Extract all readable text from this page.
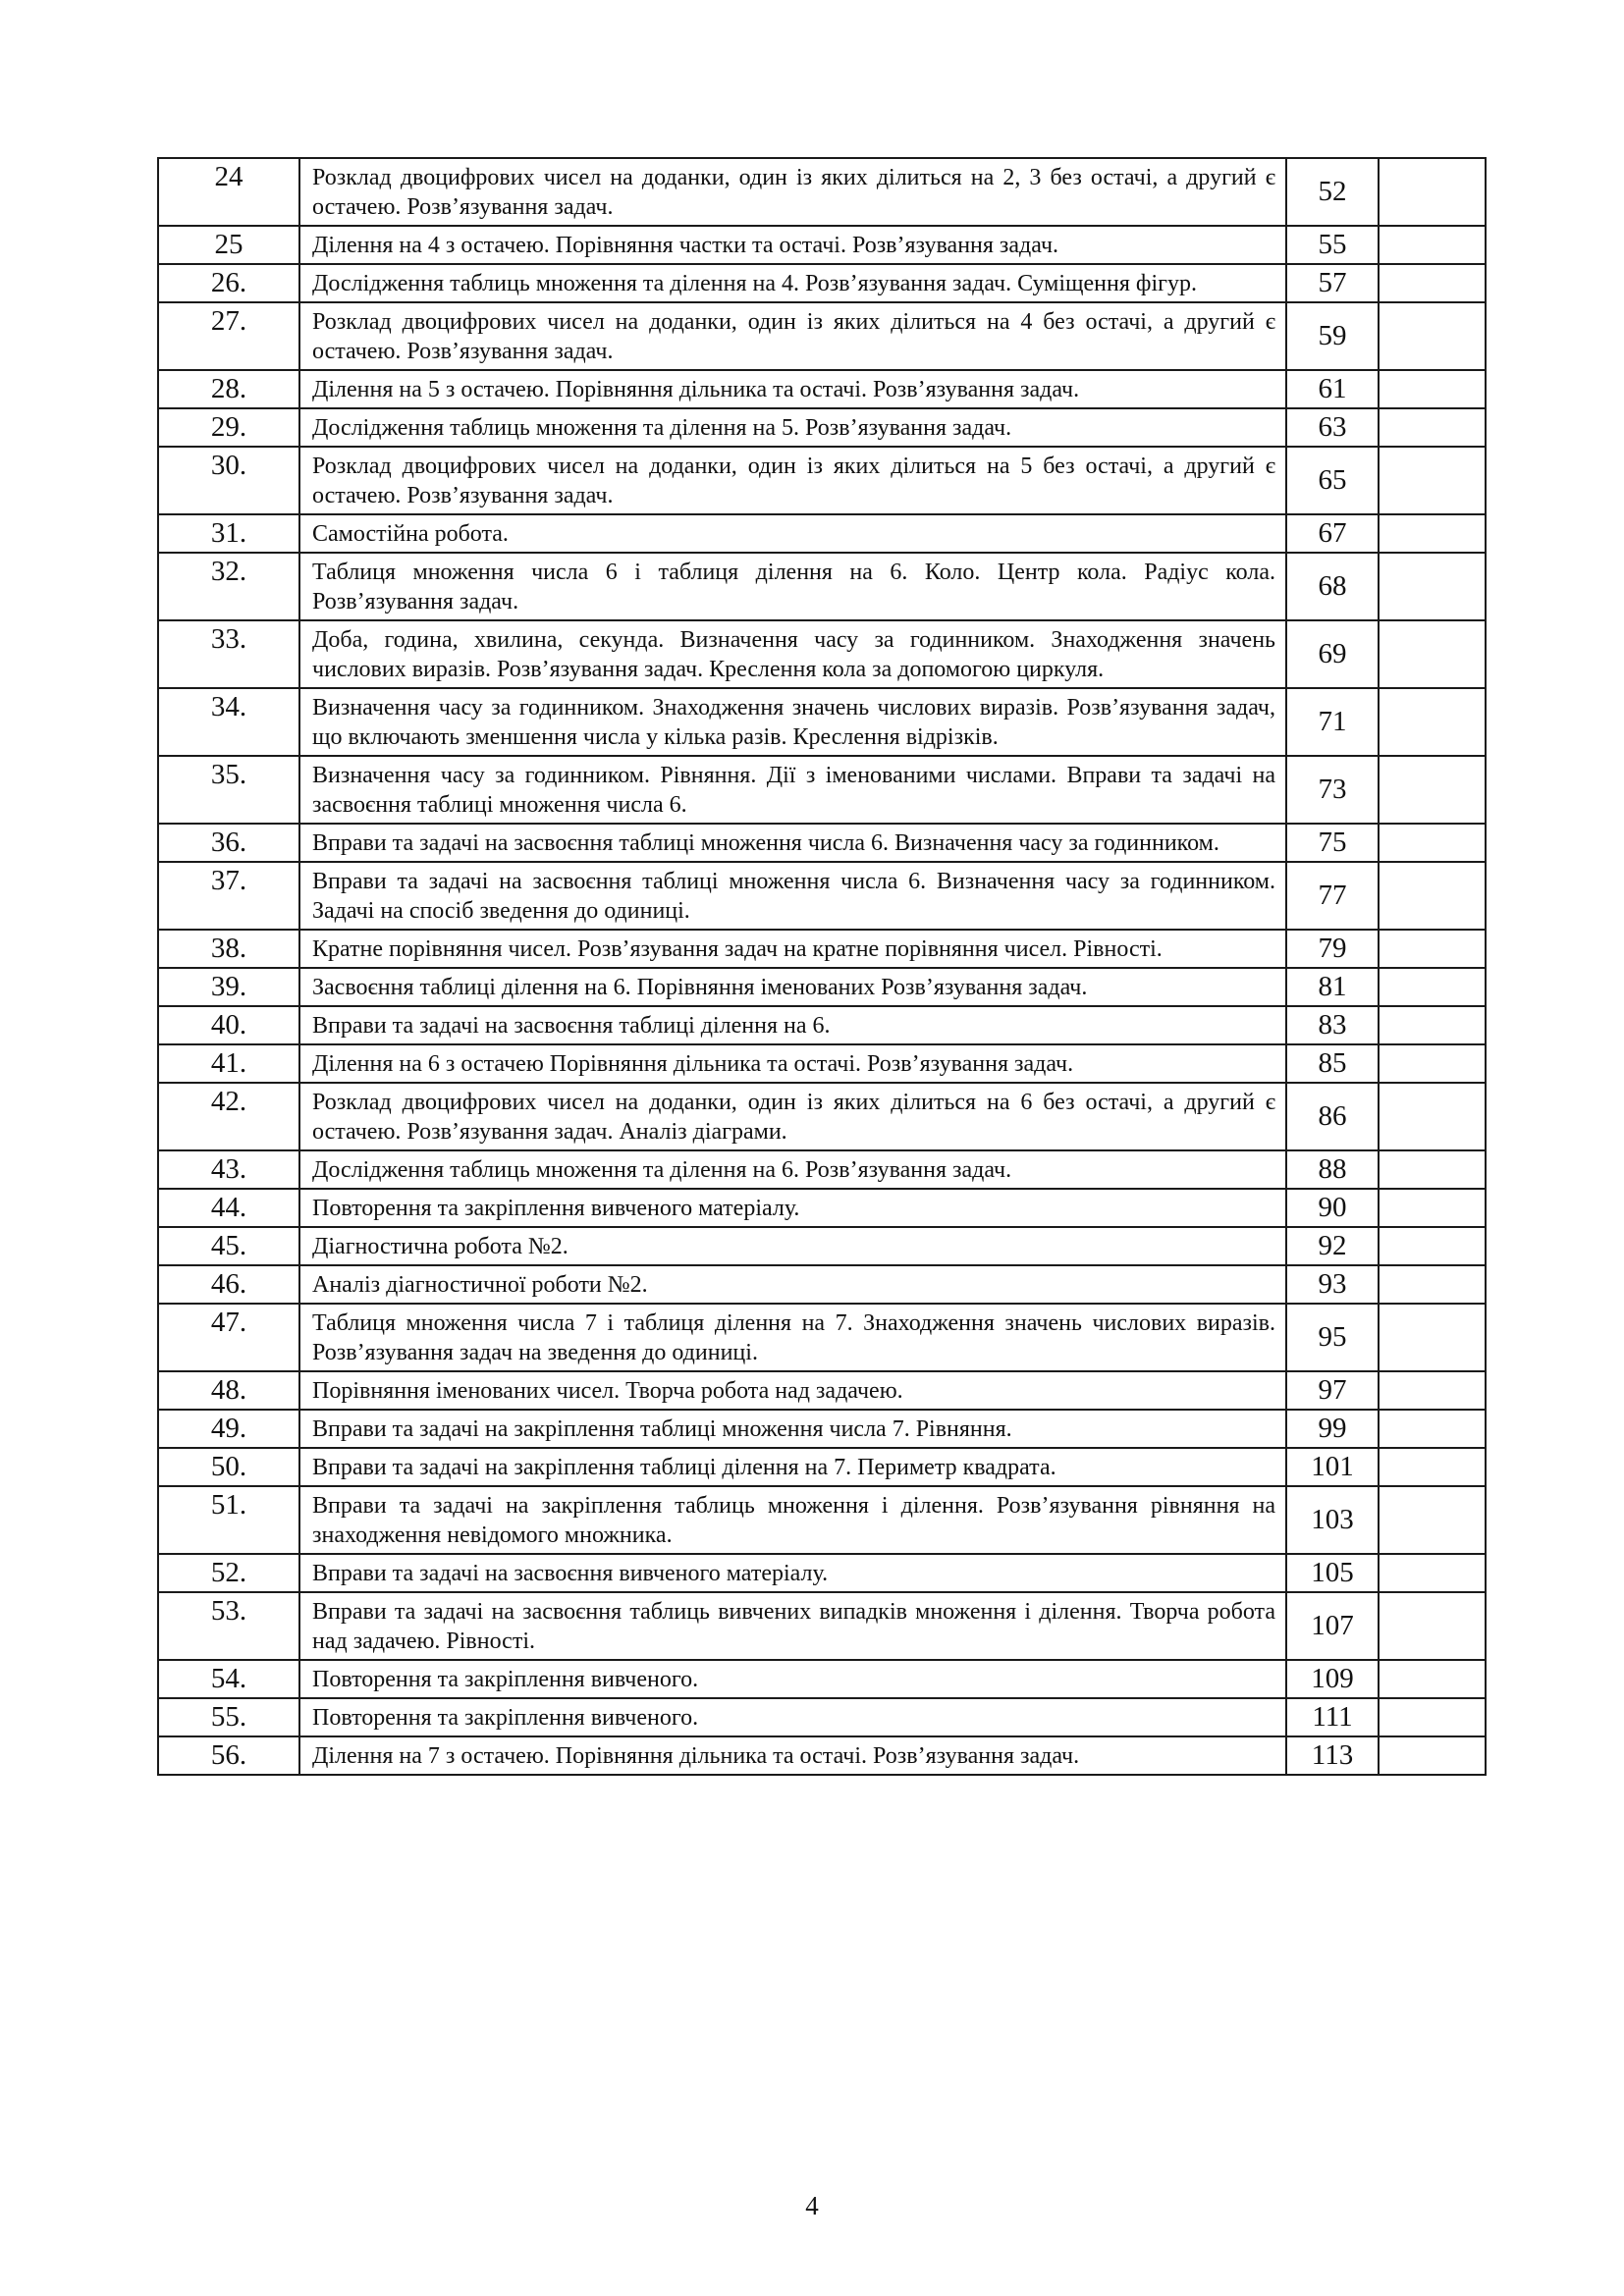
24	Розклад двоцифрових чисел на доданки, один із яких ділиться на 2, 3 без остачі, а другий є остачею. Розв’язування задач.	52	
25	Ділення на 4 з остачею. Порівняння частки та остачі. Розв’язування задач.	55	
26.	Дослідження таблиць множення та ділення на 4. Розв’язування задач. Суміщення фігур.	57	
27.	Розклад двоцифрових чисел на доданки, один із яких ділиться на 4 без остачі, а другий є остачею. Розв’язування задач.	59	
28.	Ділення на 5 з остачею. Порівняння дільника та остачі. Розв’язування задач.	61	
29.	Дослідження таблиць множення та ділення на 5. Розв’язування задач.	63	
30.	Розклад двоцифрових чисел на доданки, один із яких ділиться на 5 без остачі, а другий є остачею. Розв’язування задач.	65	
31.	Самостійна робота.	67	
32.	Таблиця множення числа 6 і таблиця ділення на 6. Коло. Центр кола. Радіус кола. Розв’язування задач.	68	
33.	Доба, година, хвилина, секунда. Визначення часу за годинником. Знаходження значень числових виразів. Розв’язування задач. Креслення кола за допомогою циркуля.	69	
34.	Визначення часу за годинником. Знаходження значень числових виразів. Розв’язування задач, що включають зменшення числа у кілька разів. Креслення відрізків.	71	
35.	Визначення часу за годинником. Рівняння. Дії з іменованими числами. Вправи та задачі на засвоєння таблиці множення числа 6.	73	
36.	Вправи та задачі на засвоєння таблиці множення числа 6. Визначення часу за годинником.	75	
37.	Вправи та задачі на засвоєння таблиці множення числа 6. Визначення часу за годинником. Задачі на спосіб зведення до одиниці.	77	
38.	Кратне порівняння чисел. Розв’язування задач на кратне порівняння чисел. Рівності.	79	
39.	Засвоєння таблиці ділення на 6. Порівняння іменованих Розв’язування задач.	81	
40.	Вправи та задачі на засвоєння таблиці ділення на 6.	83	
41.	Ділення на 6 з остачею Порівняння дільника та остачі. Розв’язування задач.	85	
42.	Розклад двоцифрових чисел на доданки, один із яких ділиться на 6 без остачі, а другий є остачею. Розв’язування задач. Аналіз діаграми.	86	
43.	Дослідження таблиць множення та ділення на 6. Розв’язування задач.	88	
44.	Повторення та закріплення вивченого матеріалу.	90	
45.	Діагностична робота №2.	92	
46.	Аналіз діагностичної роботи №2.	93	
47.	Таблиця множення числа 7 і таблиця ділення на 7. Знаходження значень числових виразів. Розв’язування задач на зведення до одиниці.	95	
48.	Порівняння іменованих чисел. Творча робота над задачею.	97	
49.	Вправи та задачі на закріплення таблиці множення числа 7. Рівняння.	99	
50.	Вправи та задачі на закріплення таблиці ділення на 7. Периметр квадрата.	101	
51.	Вправи та задачі на закріплення таблиць множення і ділення. Розв’язування рівняння на знаходження невідомого множника.	103	
52.	Вправи та задачі на засвоєння вивченого матеріалу.	105	
53.	Вправи та задачі на засвоєння таблиць вивчених випадків множення і ділення. Творча робота над задачею. Рівності.	107	
54.	Повторення та закріплення вивченого.	109	
55.	Повторення та закріплення вивченого.	111	
56.	Ділення на 7 з остачею. Порівняння дільника та остачі. Розв’язування задач.	113	
4
